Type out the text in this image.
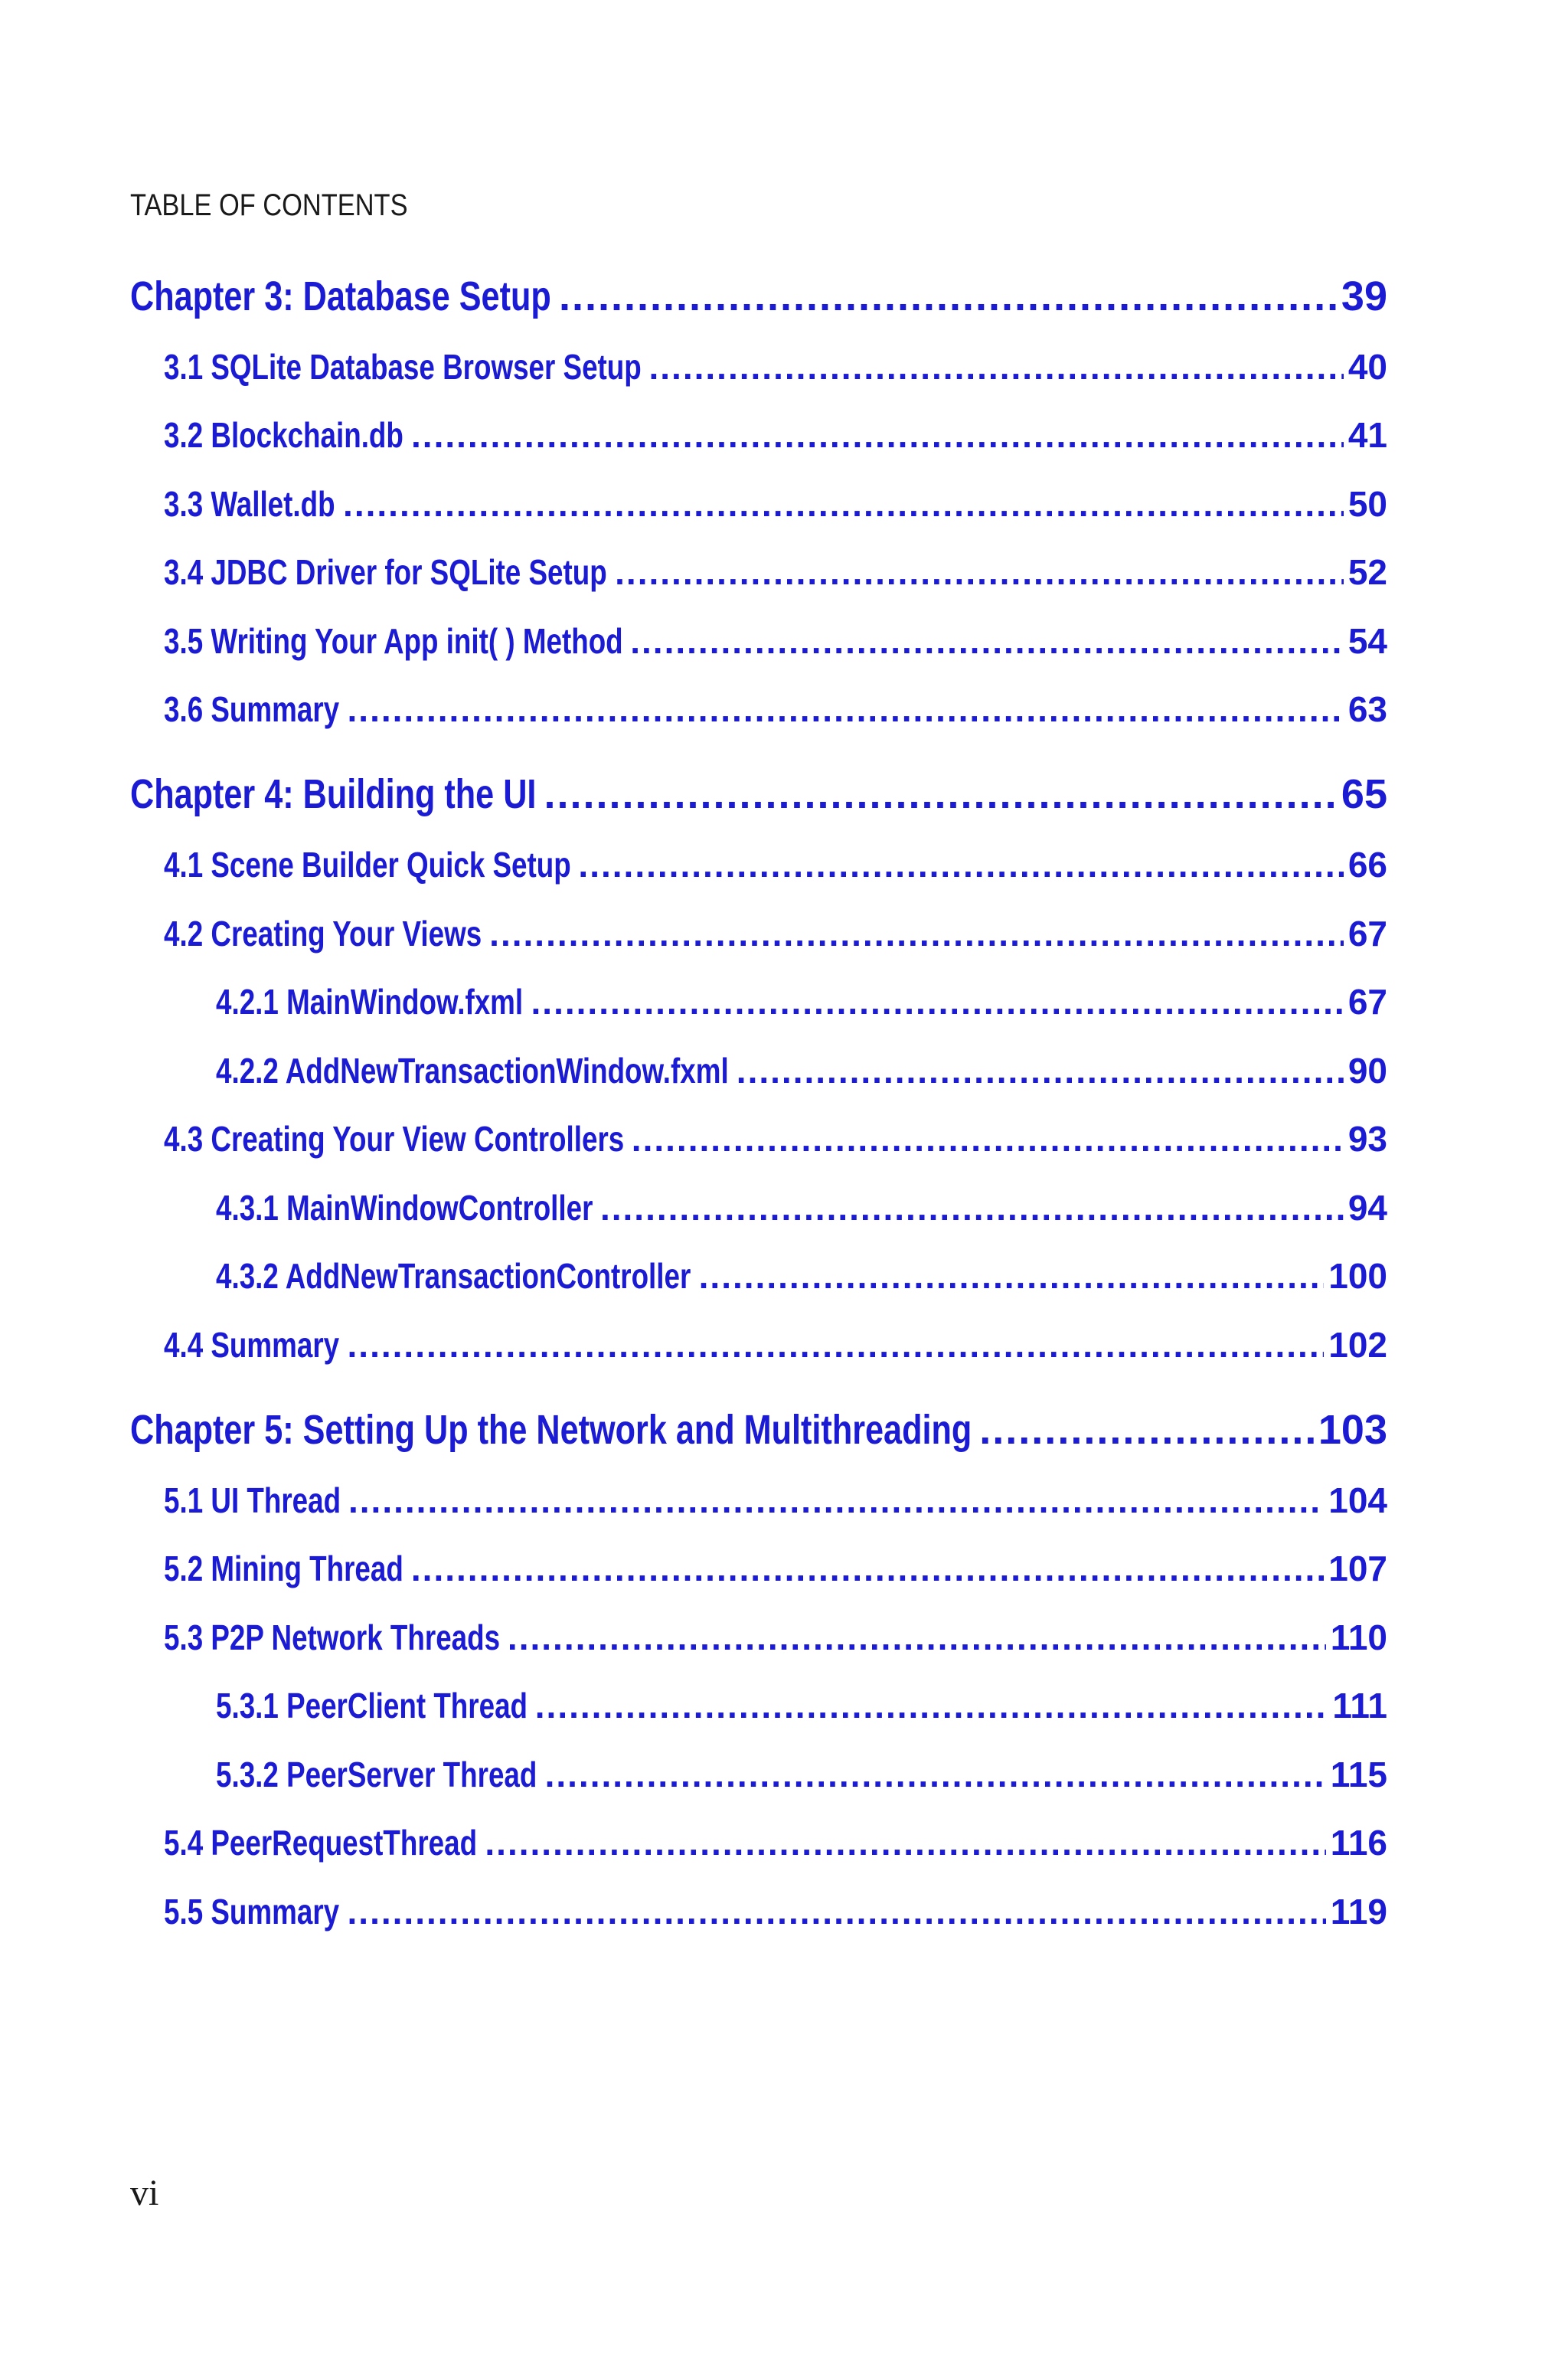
TABLE OF CONTENTS
Chapter 3: Database Setup .....	39
3.1 SQLite Database Browser Setup .....	40
3.2 Blockchain.db .....	41
3.3 Wallet.db .....	50
3.4 JDBC Driver for SQLite Setup .....	52
3.5 Writing Your App init( ) Method .....	54
3.6 Summary .....	63
Chapter 4: Building the UI .....	65
4.1 Scene Builder Quick Setup .....	66
4.2 Creating Your Views .....	67
4.2.1 MainWindow.fxml .....	67
4.2.2 AddNewTransactionWindow.fxml .....	90
4.3 Creating Your View Controllers .....	93
4.3.1 MainWindowController .....	94
4.3.2 AddNewTransactionController .....	100
4.4 Summary .....	102
Chapter 5: Setting Up the Network and Multithreading .....	103
5.1 UI Thread .....	104
5.2 Mining Thread .....	107
5.3 P2P Network Threads .....	110
5.3.1 PeerClient Thread .....	111
5.3.2 PeerServer Thread .....	115
5.4 PeerRequestThread .....	116
5.5 Summary .....	119
vi
